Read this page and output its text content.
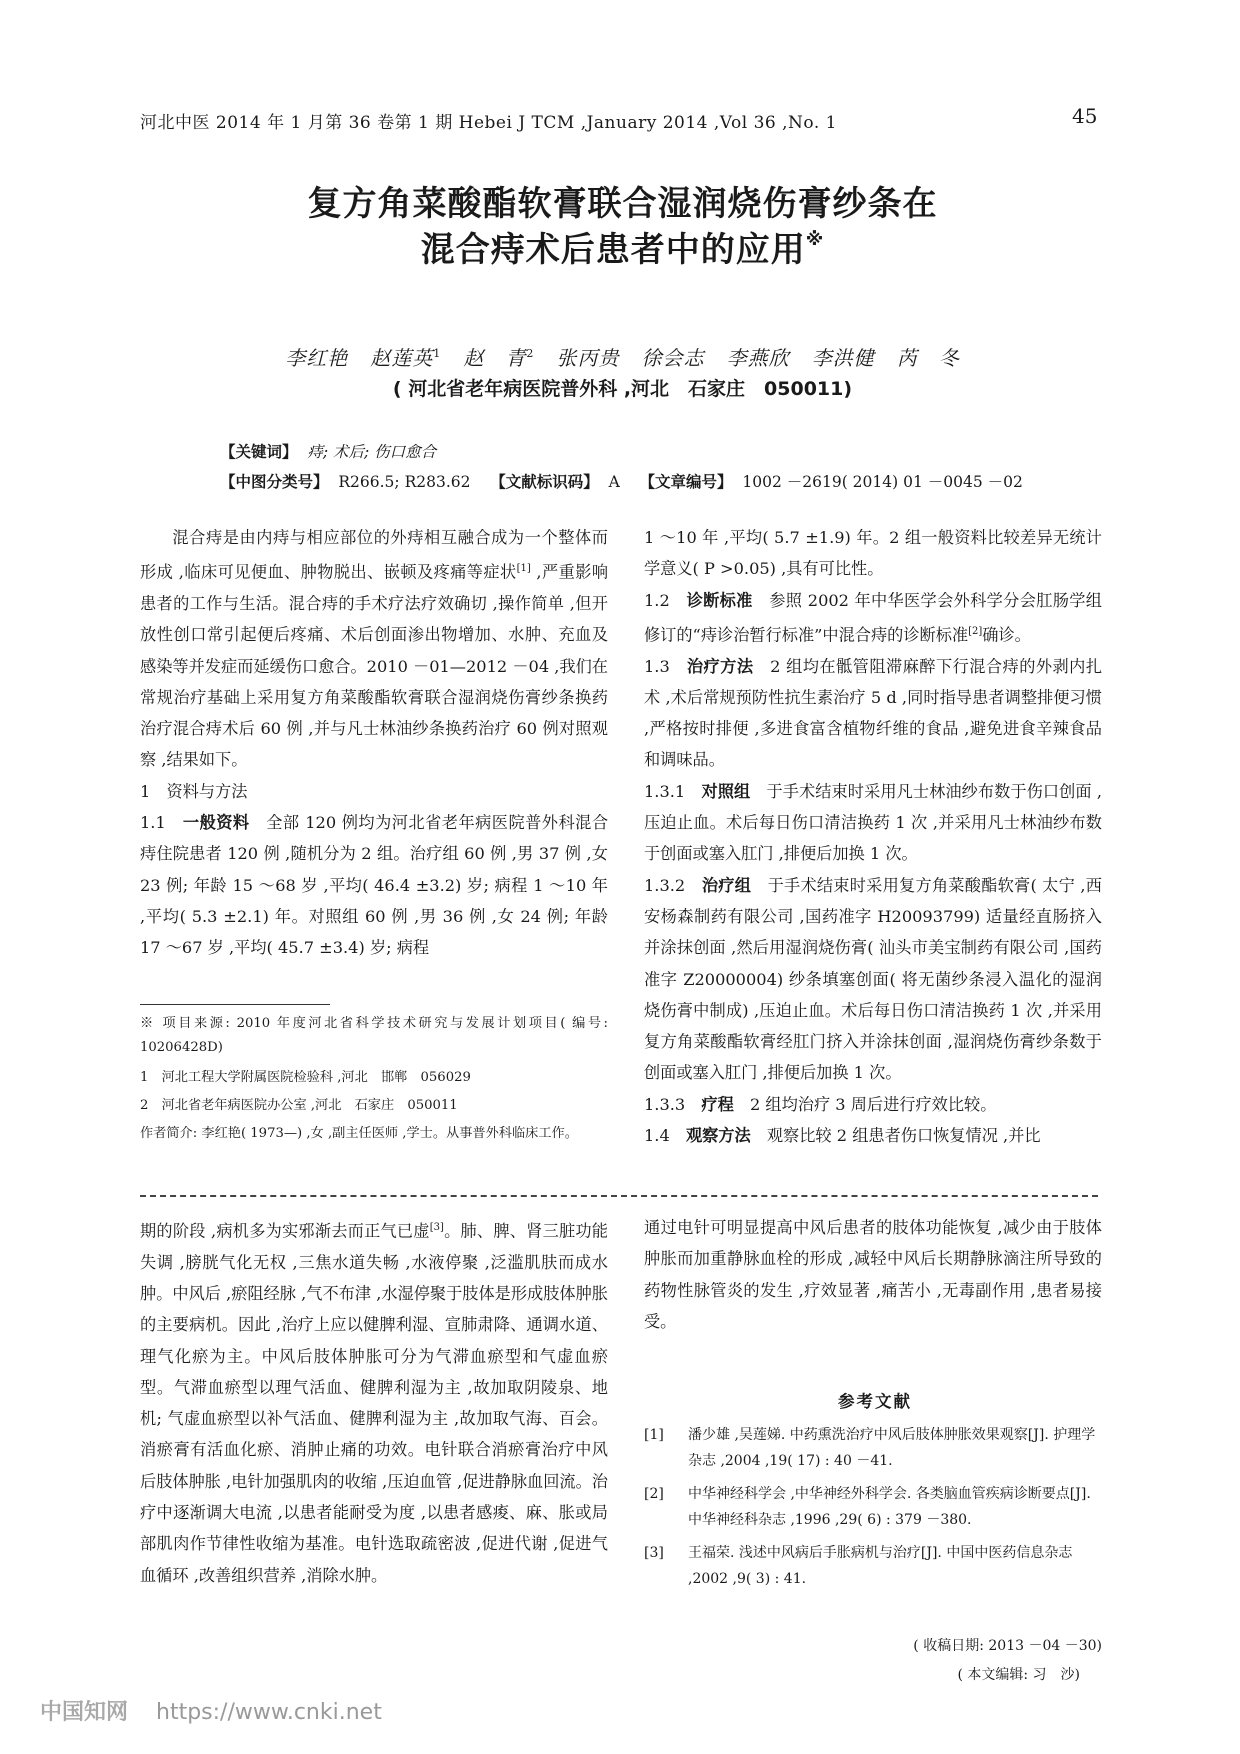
河北中医 2014 年 1 月第 36 卷第 1 期 Hebei J TCM ,January 2014 ,Vol 36 ,No. 1	45
复方角菜酸酯软膏联合湿润烧伤膏纱条在
混合痔术后患者中的应用※
李红艳 赵莲英$^1$ 赵　青$^2$ 张丙贵 徐会志 李燕欣 李洪健 芮　冬
( 河北省老年病医院普外科 ,河北　石家庄　050011)
【关键词】 痔; 术后; 伤口愈合
【中图分类号】 R266.5; R283.62 【文献标识码】 A 【文章编号】 1002 －2619( 2014) 01 －0045 －02

混合痔是由内痔与相应部位的外痔相互融合成为一个整体而形成 ,临床可见便血、肿物脱出、嵌顿及疼痛等症状[1] ,严重影响患者的工作与生活。混合痔的手术疗法疗效确切 ,操作简单 ,但开放性创口常引起便后疼痛、术后创面渗出物增加、水肿、充血及感染等并发症而延缓伤口愈合。2010 －01—2012 －04 ,我们在常规治疗基础上采用复方角菜酸酯软膏联合湿润烧伤膏纱条换药治疗混合痔术后 60 例 ,并与凡士林油纱条换药治疗 60 例对照观察 ,结果如下。

1　资料与方法

1.1　一般资料　全部 120 例均为河北省老年病医院普外科混合痔住院患者 120 例 ,随机分为 2 组。治疗组 60 例 ,男 37 例 ,女 23 例; 年龄 15 ～68 岁 ,平均( 46.4 ±3.2) 岁; 病程 1 ～10 年 ,平均( 5.3 ±2.1) 年。对照组 60 例 ,男 36 例 ,女 24 例; 年龄 17 ～67 岁 ,平均( 45.7 ±3.4) 岁; 病程

※ 项目来源: 2010 年度河北省科学技术研究与发展计划项目( 编号: 10206428D)

1　河北工程大学附属医院检验科 ,河北　邯郸　056029

2　河北省老年病医院办公室 ,河北　石家庄　050011

作者简介: 李红艳( 1973—) ,女 ,副主任医师 ,学士。从事普外科临床工作。

1 ～10 年 ,平均( 5.7 ±1.9) 年。2 组一般资料比较差异无统计学意义( P >0.05) ,具有可比性。

1.2　诊断标准　参照 2002 年中华医学会外科学分会肛肠学组修订的“痔诊治暂行标准”中混合痔的诊断标准[2]确诊。

1.3　治疗方法　2 组均在骶管阻滞麻醉下行混合痔的外剥内扎术 ,术后常规预防性抗生素治疗 5 d ,同时指导患者调整排便习惯 ,严格按时排便 ,多进食富含植物纤维的食品 ,避免进食辛辣食品和调味品。

1.3.1　对照组　于手术结束时采用凡士林油纱布数于伤口创面 ,压迫止血。术后每日伤口清洁换药 1 次 ,并采用凡士林油纱布数于创面或塞入肛门 ,排便后加换 1 次。

1.3.2　治疗组　于手术结束时采用复方角菜酸酯软膏( 太宁 ,西安杨森制药有限公司 ,国药准字 H20093799) 适量经直肠挤入并涂抹创面 ,然后用湿润烧伤膏( 汕头市美宝制药有限公司 ,国药准字 Z20000004) 纱条填塞创面( 将无菌纱条浸入温化的湿润烧伤膏中制成) ,压迫止血。术后每日伤口清洁换药 1 次 ,并采用复方角菜酸酯软膏经肛门挤入并涂抹创面 ,湿润烧伤膏纱条数于创面或塞入肛门 ,排便后加换 1 次。

1.3.3　疗程　2 组均治疗 3 周后进行疗效比较。

1.4　观察方法　观察比较 2 组患者伤口恢复情况 ,并比

期的阶段 ,病机多为实邪渐去而正气已虚[3]。肺、脾、肾三脏功能失调 ,膀胱气化无权 ,三焦水道失畅 ,水液停聚 ,泛滥肌肤而成水肿。中风后 ,瘀阻经脉 ,气不布津 ,水湿停聚于肢体是形成肢体肿胀的主要病机。因此 ,治疗上应以健脾利湿、宣肺肃降、通调水道、理气化瘀为主。中风后肢体肿胀可分为气滞血瘀型和气虚血瘀型。气滞血瘀型以理气活血、健脾利湿为主 ,故加取阴陵泉、地机; 气虚血瘀型以补气活血、健脾利湿为主 ,故加取气海、百会。消瘀膏有活血化瘀、消肿止痛的功效。电针联合消瘀膏治疗中风后肢体肿胀 ,电针加强肌肉的收缩 ,压迫血管 ,促进静脉血回流。治疗中逐渐调大电流 ,以患者能耐受为度 ,以患者感痠、麻、胀或局部肌肉作节律性收缩为基准。电针选取疏密波 ,促进代谢 ,促进气血循环 ,改善组织营养 ,消除水肿。

通过电针可明显提高中风后患者的肢体功能恢复 ,减少由于肢体肿胀而加重静脉血栓的形成 ,减轻中风后长期静脉滴注所导致的药物性脉管炎的发生 ,疗效显著 ,痛苦小 ,无毒副作用 ,患者易接受。

参考文献
[1]	潘少雄 ,吴莲娣. 中药熏洗治疗中风后肢体肿胀效果观察[J]. 护理学杂志 ,2004 ,19( 17) : 40 －41.
[2]	中华神经科学会 ,中华神经外科学会. 各类脑血管疾病诊断要点[J]. 中华神经科杂志 ,1996 ,29( 6) : 379 －380.
[3]	王福荣. 浅述中风病后手胀病机与治疗[J]. 中国中医药信息杂志 ,2002 ,9( 3) : 41.
( 收稿日期: 2013 －04 －30)
( 本文编辑: 习　沙)
中国知网 https://www.cnki.net
